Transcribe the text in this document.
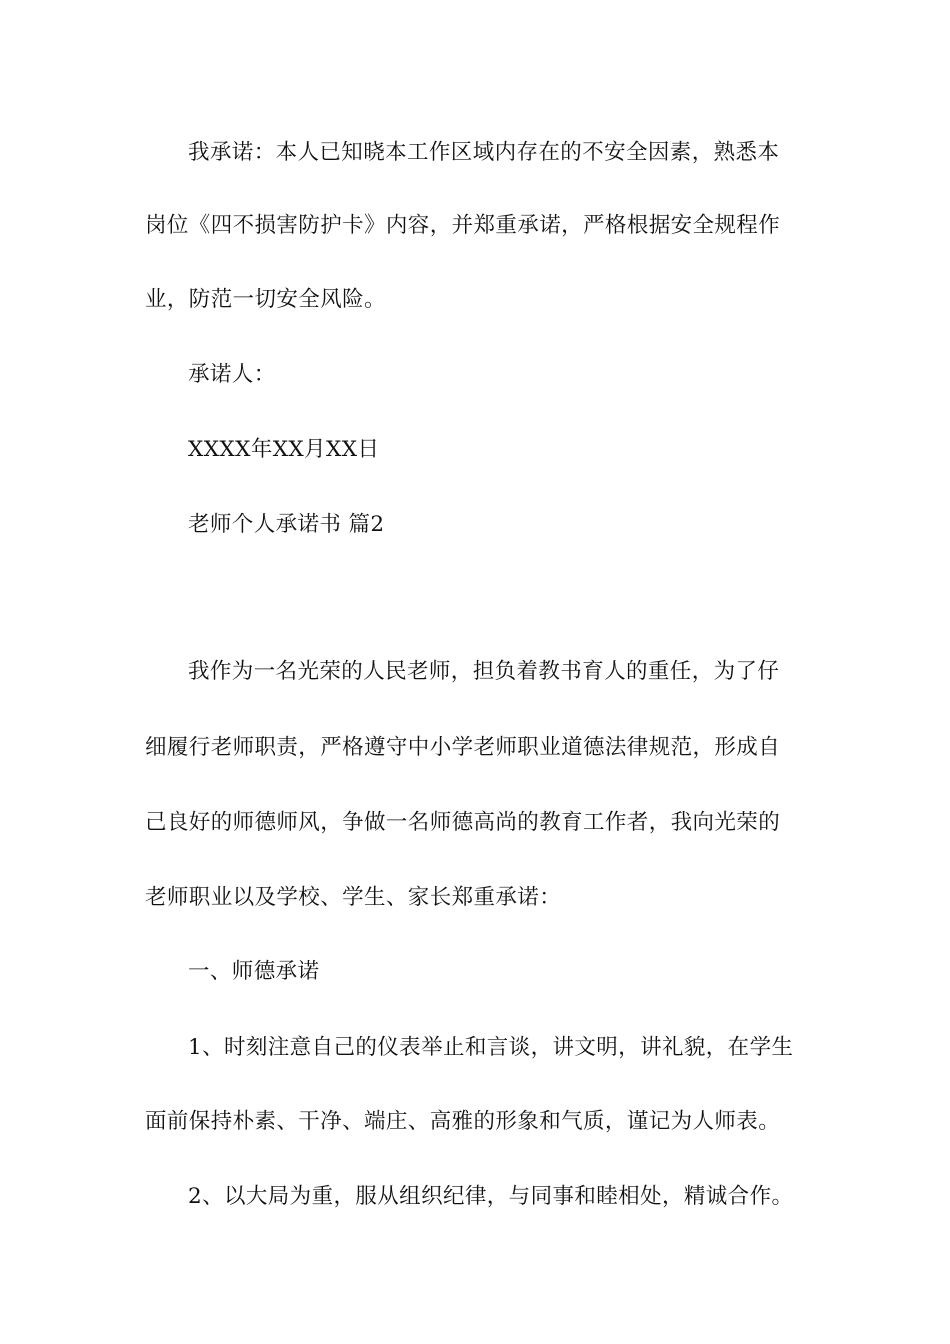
我承诺：本人已知晓本工作区域内存在的不安全因素，熟悉本
岗位《四不损害防护卡》内容，并郑重承诺，严格根据安全规程作
业，防范一切安全风险。
承诺人：
XXXX年XX月XX日
老师个人承诺书 篇2
我作为一名光荣的人民老师，担负着教书育人的重任，为了仔
细履行老师职责，严格遵守中小学老师职业道德法律规范，形成自
己良好的师德师风，争做一名师德高尚的教育工作者，我向光荣的
老师职业以及学校、学生、家长郑重承诺：
一、师德承诺
1、时刻注意自己的仪表举止和言谈，讲文明，讲礼貌，在学生
面前保持朴素、干净、端庄、高雅的形象和气质，谨记为人师表。
2、以大局为重，服从组织纪律，与同事和睦相处，精诚合作。
